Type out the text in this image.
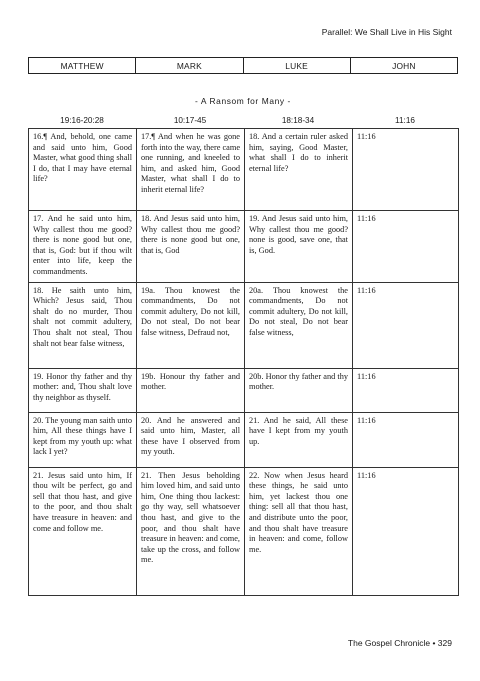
Parallel: We Shall Live in His Sight
MATTHEW	MARK	LUKE	JOHN
- A Ransom for Many -
19:16-20:28	10:17-45	18:18-34	11:16
16.¶ And, behold, one came and said unto him, Good Master, what good thing shall I do, that I may have eternal life?	17.¶ And when he was gone forth into the way, there came one running, and kneeled to him, and asked him, Good Master, what shall I do to inherit eternal life?	18. And a certain ruler asked him, saying, Good Master, what shall I do to inherit eternal life?	11:16
17. And he said unto him, Why callest thou me good? there is none good but one, that is, God: but if thou wilt enter into life, keep the commandments.	18. And Jesus said unto him, Why callest thou me good? there is none good but one, that is, God	19. And Jesus said unto him, Why callest thou me good? none is good, save one, that is, God.	11:16
18. He saith unto him, Which? Jesus said, Thou shalt do no murder, Thou shalt not commit adultery, Thou shalt not steal, Thou shalt not bear false witness,	19a. Thou knowest the commandments, Do not commit adultery, Do not kill, Do not steal, Do not bear false witness, Defraud not,	20a. Thou knowest the commandments, Do not commit adultery, Do not kill, Do not steal, Do not bear false witness,	11:16
19. Honor thy father and thy mother: and, Thou shalt love thy neighbor as thyself.	19b. Honour thy father and mother.	20b. Honor thy father and thy mother.	11:16
20. The young man saith unto him, All these things have I kept from my youth up: what lack I yet?	20. And he answered and said unto him, Master, all these have I observed from my youth.	21. And he said, All these have I kept from my youth up.	11:16
21. Jesus said unto him, If thou wilt be perfect, go and sell that thou hast, and give to the poor, and thou shalt have treasure in heaven: and come and follow me.	21. Then Jesus beholding him loved him, and said unto him, One thing thou lackest: go thy way, sell whatsoever thou hast, and give to the poor, and thou shalt have treasure in heaven: and come, take up the cross, and follow me.	22. Now when Jesus heard these things, he said unto him, yet lackest thou one thing: sell all that thou hast, and distribute unto the poor, and thou shalt have treasure in heaven: and come, follow me.	11:16
The Gospel Chronicle • 329
